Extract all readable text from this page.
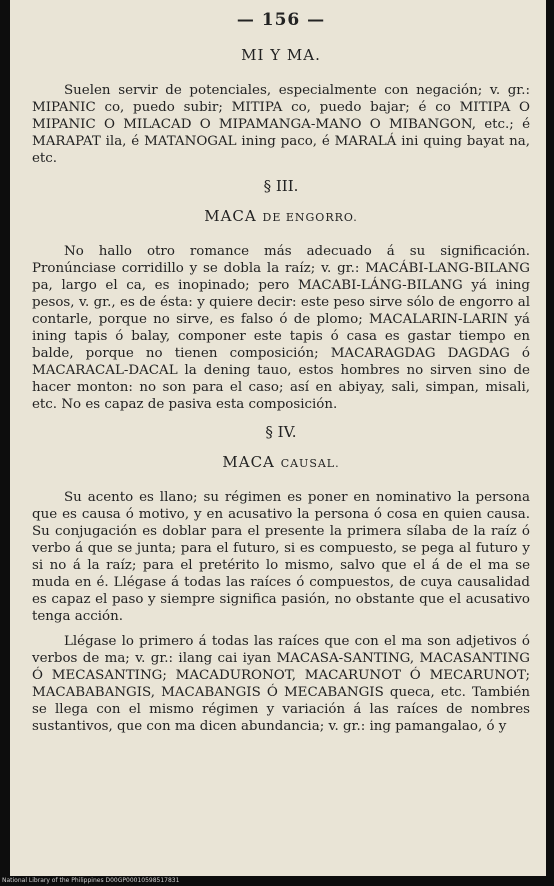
— 156 —
MI Y MA.

Suelen servir de potenciales, especialmente con negación; v. gr.: MIPANIC co, puedo subir; MITIPA co, puedo bajar; é co MITIPA O MIPANIC O MILACAD O MIPAMANGA-MANO O MIBANGON, etc.; é MARAPAT ila, é MATANOGAL ining paco, é MARALÁ ini quing bayat na, etc.

§ III.
MACA DE ENGORRO.

No hallo otro romance más adecuado á su significación. Pronúnciase corridillo y se dobla la raíz; v. gr.: MACÁBI-LANG-BILANG pa, largo el ca, es inopinado; pero MACABI-LÁNG-BILANG yá ining pesos, v. gr., es de ésta: y quiere decir: este peso sirve sólo de engorro al contarle, porque no sirve, es falso ó de plomo; MACALARIN-LARIN yá ining tapis ó balay, componer este tapis ó casa es gastar tiempo en balde, porque no tienen composición; MACARAGDAG DAGDAG ó MACARACAL-DACAL la dening tauo, estos hombres no sirven sino de hacer monton: no son para el caso; así en abiyay, sali, simpan, misali, etc. No es capaz de pasiva esta composición.

§ IV.
MACA CAUSAL.

Su acento es llano; su régimen es poner en nominativo la persona que es causa ó motivo, y en acusativo la persona ó cosa en quien causa. Su conjugación es doblar para el presente la primera sílaba de la raíz ó verbo á que se junta; para el futuro, si es compuesto, se pega al futuro y si no á la raíz; para el pretérito lo mismo, salvo que el á de el ma se muda en é. Llégase á todas las raíces ó compuestos, de cuya causalidad es capaz el paso y siempre significa pasión, no obstante que el acusativo tenga acción.

Llégase lo primero á todas las raíces que con el ma son adjetivos ó verbos de ma; v. gr.: ilang cai iyan MACASA-SANTING, MACASANTING Ó MECASANTING; MACADURONOT, MACARUNOT Ó MECARUNOT; MACABABANGIS, MACABANGIS Ó MECABANGIS queca, etc. También se llega con el mismo régimen y variación á las raíces de nombres sustantivos, que con ma dicen abundancia; v. gr.: ing pamangalao, ó y

National Library of the Philippines D00GP00010598517831
